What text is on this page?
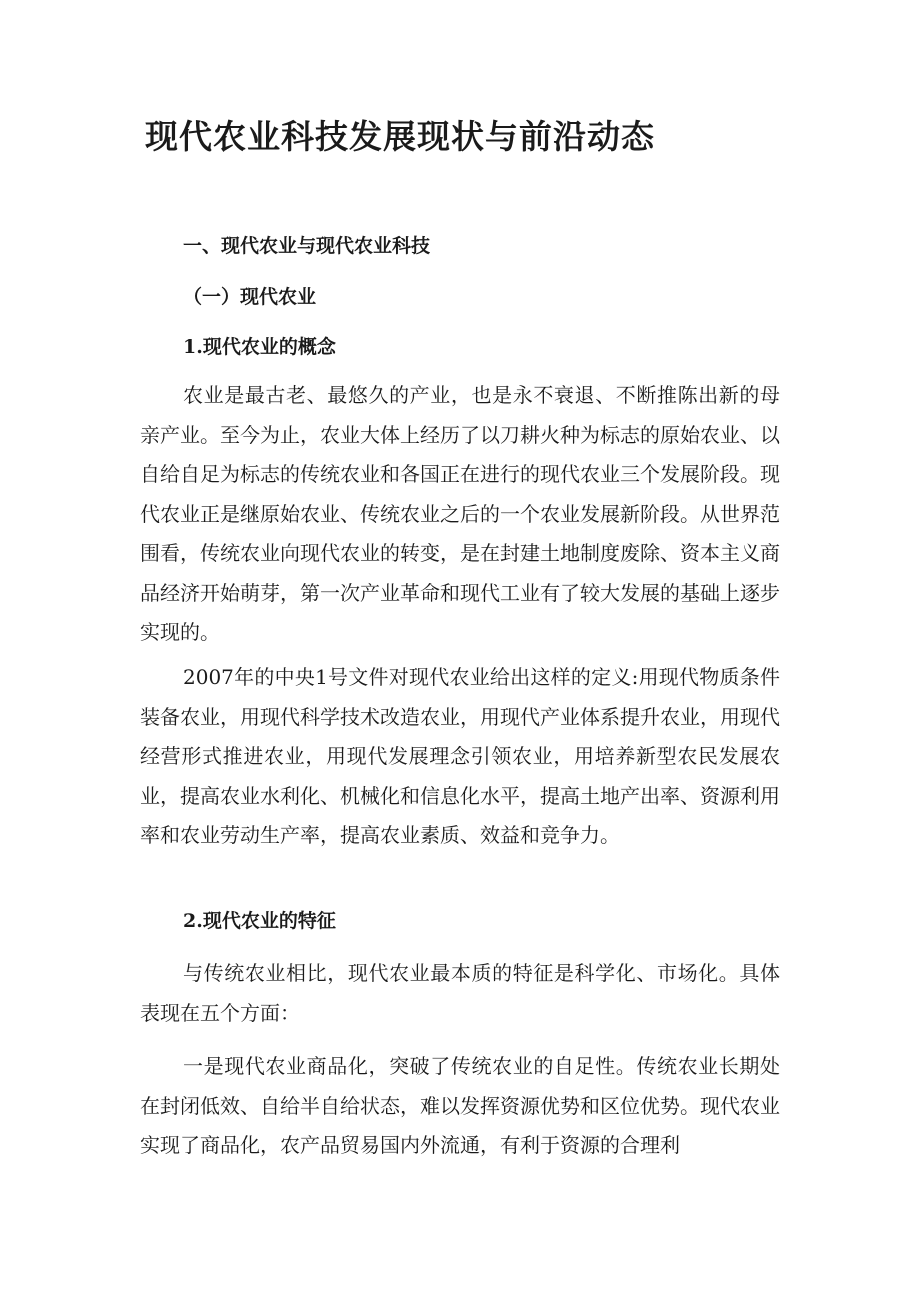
现代农业科技发展现状与前沿动态
一、现代农业与现代农业科技
（一）现代农业
1.现代农业的概念

农业是最古老、最悠久的产业，也是永不衰退、不断推陈出新的母亲产业。至今为止，农业大体上经历了以刀耕火种为标志的原始农业、以自给自足为标志的传统农业和各国正在进行的现代农业三个发展阶段。现代农业正是继原始农业、传统农业之后的一个农业发展新阶段。从世界范围看，传统农业向现代农业的转变，是在封建土地制度废除、资本主义商品经济开始萌芽，第一次产业革命和现代工业有了较大发展的基础上逐步实现的。

2007年的中央1号文件对现代农业给出这样的定义:用现代物质条件装备农业，用现代科学技术改造农业，用现代产业体系提升农业，用现代经营形式推进农业，用现代发展理念引领农业，用培养新型农民发展农业，提高农业水利化、机械化和信息化水平，提高土地产出率、资源利用率和农业劳动生产率，提高农业素质、效益和竞争力。

2.现代农业的特征

与传统农业相比，现代农业最本质的特征是科学化、市场化。具体表现在五个方面：

一是现代农业商品化，突破了传统农业的自足性。传统农业长期处在封闭低效、自给半自给状态，难以发挥资源优势和区位优势。现代农业实现了商品化，农产品贸易国内外流通，有利于资源的合理利
